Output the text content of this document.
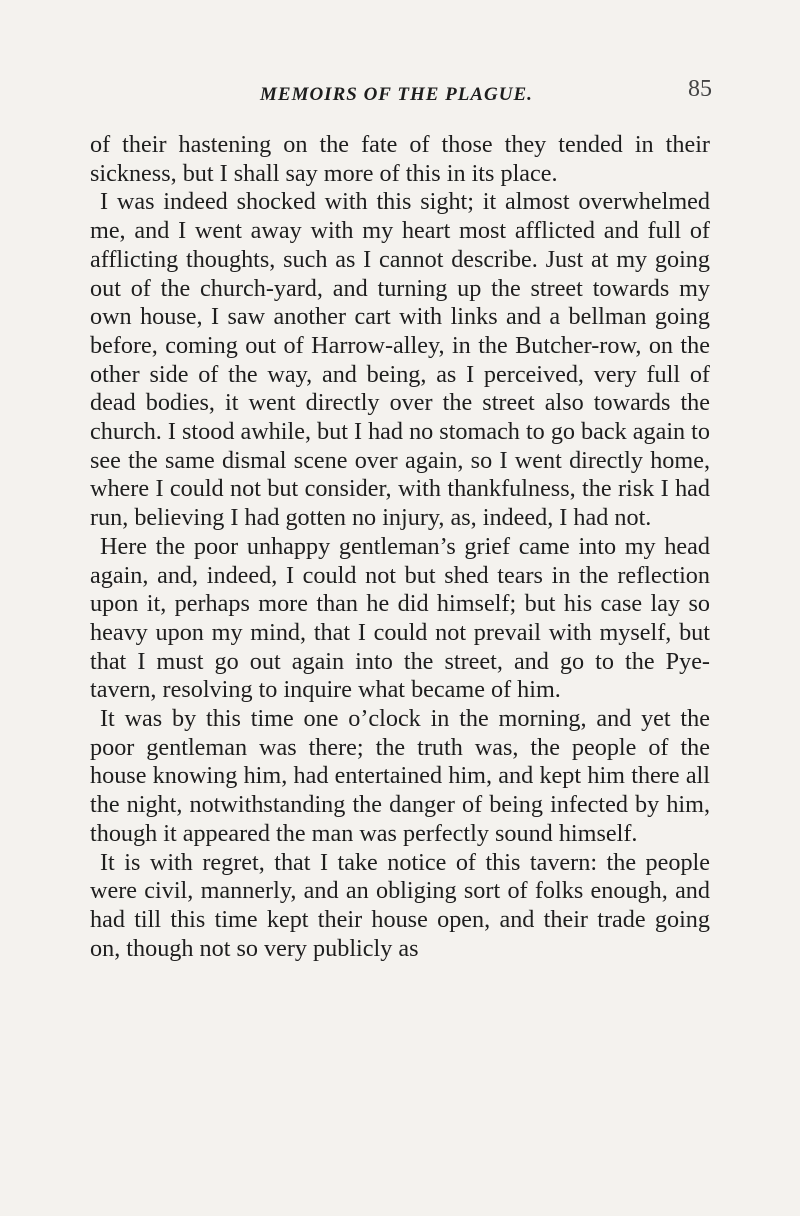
MEMOIRS OF THE PLAGUE.	85

of their hastening on the fate of those they tended in their sickness, but I shall say more of this in its place.

I was indeed shocked with this sight; it almost overwhelmed me, and I went away with my heart most afflicted and full of afflicting thoughts, such as I cannot describe. Just at my going out of the church-yard, and turning up the street towards my own house, I saw another cart with links and a bellman going before, coming out of Harrow-alley, in the Butcher-row, on the other side of the way, and being, as I perceived, very full of dead bodies, it went directly over the street also towards the church. I stood awhile, but I had no stomach to go back again to see the same dismal scene over again, so I went directly home, where I could not but consider, with thankfulness, the risk I had run, believing I had gotten no injury, as, indeed, I had not.

Here the poor unhappy gentleman’s grief came into my head again, and, indeed, I could not but shed tears in the reflection upon it, perhaps more than he did himself; but his case lay so heavy upon my mind, that I could not prevail with myself, but that I must go out again into the street, and go to the Pye-tavern, resolving to inquire what became of him.

It was by this time one o’clock in the morning, and yet the poor gentleman was there; the truth was, the people of the house knowing him, had entertained him, and kept him there all the night, notwithstanding the danger of being infected by him, though it appeared the man was perfectly sound himself.

It is with regret, that I take notice of this tavern: the people were civil, mannerly, and an obliging sort of folks enough, and had till this time kept their house open, and their trade going on, though not so very publicly as
